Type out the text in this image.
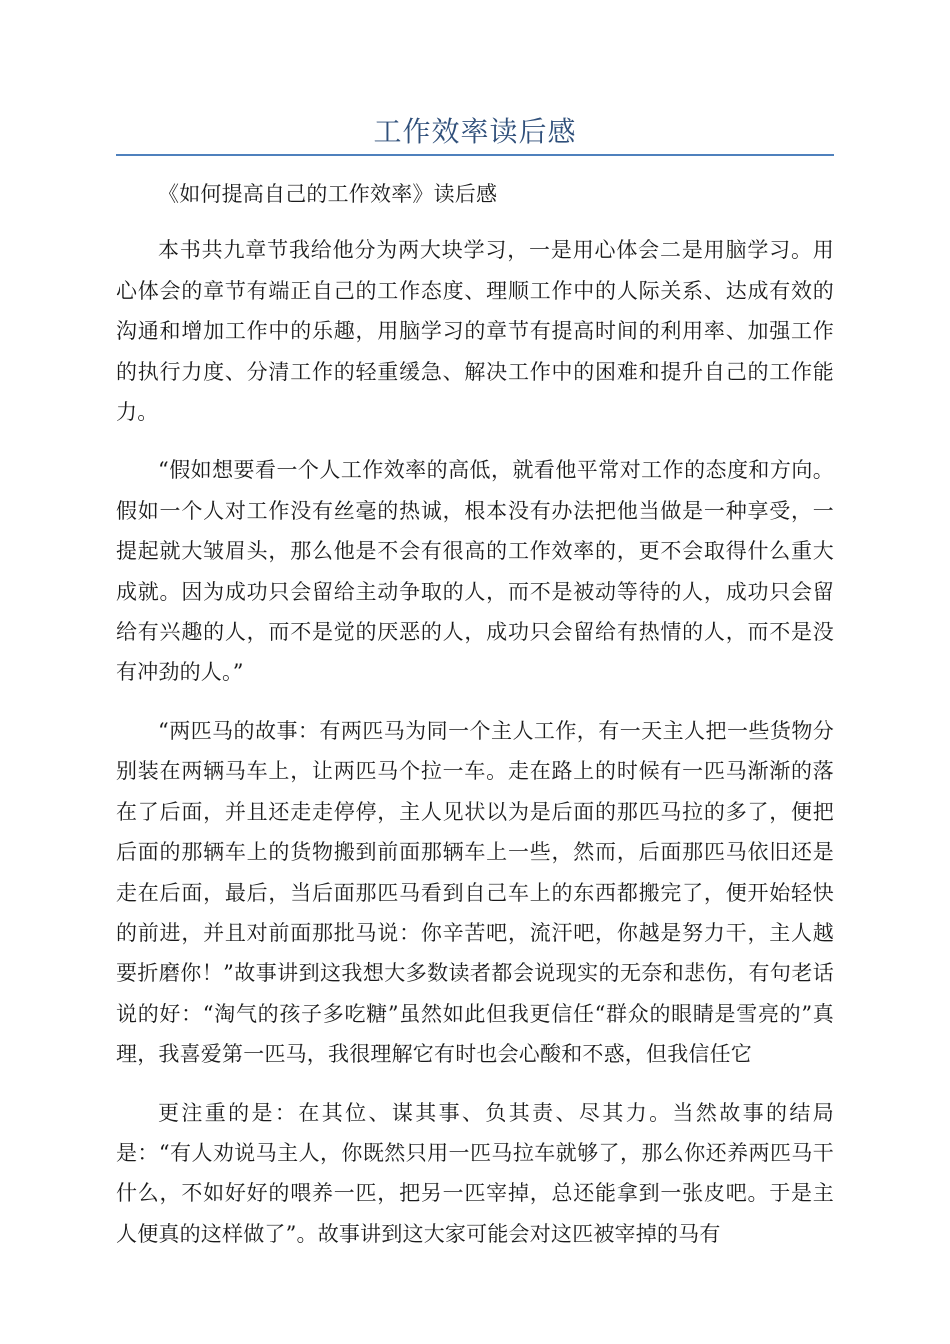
工作效率读后感

《如何提高自己的工作效率》读后感

本书共九章节我给他分为两大块学习，一是用心体会二是用脑学习。用心体会的章节有端正自己的工作态度、理顺工作中的人际关系、达成有效的沟通和增加工作中的乐趣，用脑学习的章节有提高时间的利用率、加强工作的执行力度、分清工作的轻重缓急、解决工作中的困难和提升自己的工作能力。

“假如想要看一个人工作效率的高低，就看他平常对工作的态度和方向。假如一个人对工作没有丝毫的热诚，根本没有办法把他当做是一种享受，一提起就大皱眉头，那么他是不会有很高的工作效率的，更不会取得什么重大成就。因为成功只会留给主动争取的人，而不是被动等待的人，成功只会留给有兴趣的人，而不是觉的厌恶的人，成功只会留给有热情的人，而不是没有冲劲的人。”

“两匹马的故事：有两匹马为同一个主人工作，有一天主人把一些货物分别装在两辆马车上，让两匹马个拉一车。走在路上的时候有一匹马渐渐的落在了后面，并且还走走停停，主人见状以为是后面的那匹马拉的多了，便把后面的那辆车上的货物搬到前面那辆车上一些，然而，后面那匹马依旧还是走在后面，最后，当后面那匹马看到自己车上的东西都搬完了，便开始轻快的前进，并且对前面那批马说：你辛苦吧，流汗吧，你越是努力干，主人越要折磨你！”故事讲到这我想大多数读者都会说现实的无奈和悲伤，有句老话说的好：“淘气的孩子多吃糖”虽然如此但我更信任“群众的眼睛是雪亮的”真理，我喜爱第一匹马，我很理解它有时也会心酸和不惑，但我信任它

更注重的是：在其位、谋其事、负其责、尽其力。当然故事的结局是：“有人劝说马主人，你既然只用一匹马拉车就够了，那么你还养两匹马干什么，不如好好的喂养一匹，把另一匹宰掉，总还能拿到一张皮吧。于是主人便真的这样做了”。故事讲到这大家可能会对这匹被宰掉的马有
